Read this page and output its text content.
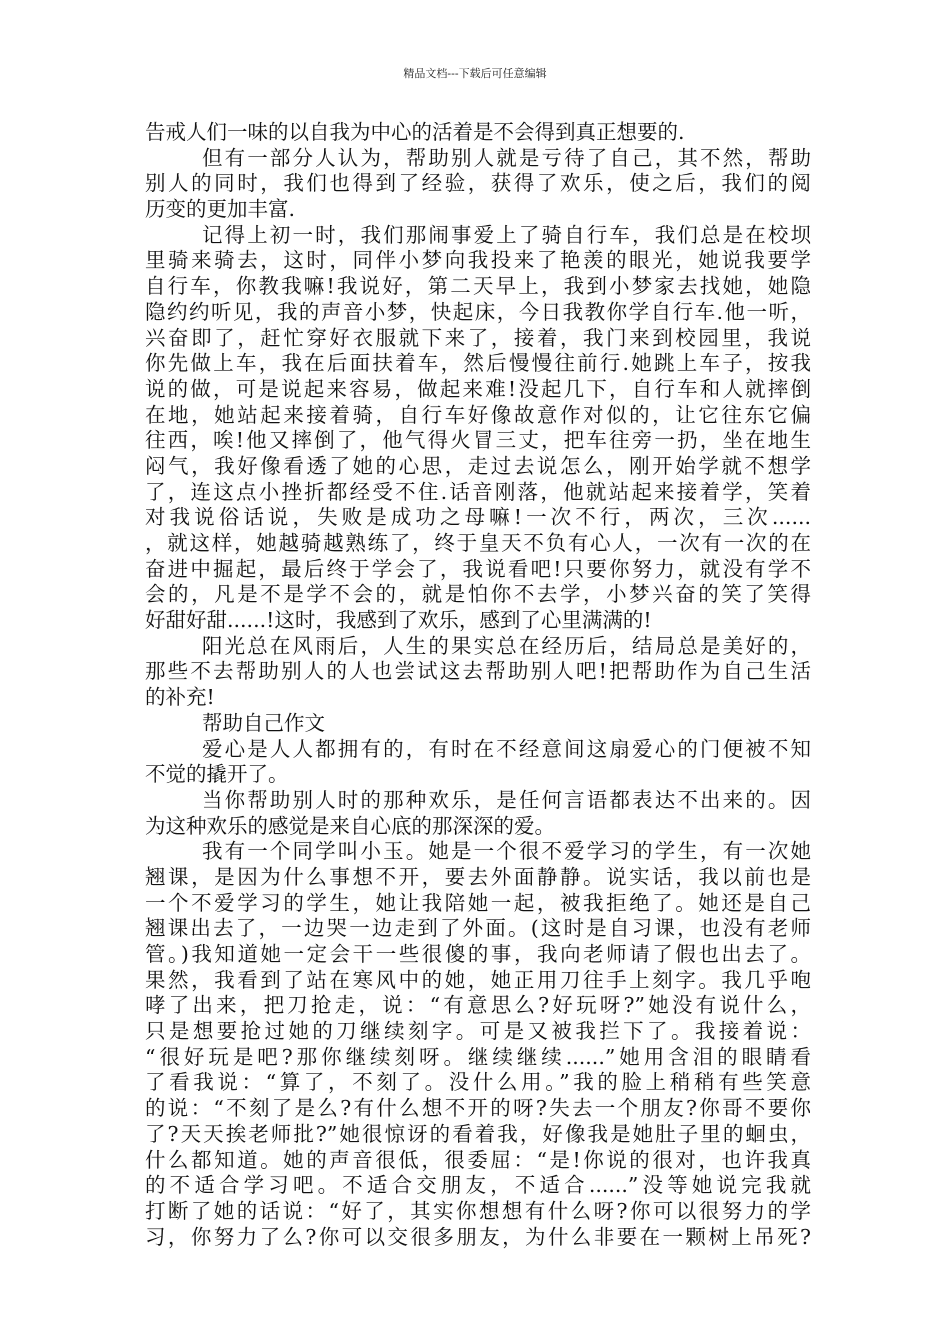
精品文档---下载后可任意编辑
告戒人们一味的以自我为中心的活着是不会得到真正想要的.
但有一部分人认为，帮助别人就是亏待了自己，其不然，帮助
别人的同时，我们也得到了经验，获得了欢乐，使之后，我们的阅
历变的更加丰富.
记得上初一时，我们那闹事爱上了骑自行车，我们总是在校坝
里骑来骑去，这时，同伴小梦向我投来了艳羡的眼光，她说我要学
自行车，你教我嘛!我说好，第二天早上，我到小梦家去找她，她隐
隐约约听见，我的声音小梦，快起床，今日我教你学自行车.他一听，
兴奋即了，赶忙穿好衣服就下来了，接着，我门来到校园里，我说
你先做上车，我在后面扶着车，然后慢慢往前行.她跳上车子，按我
说的做，可是说起来容易，做起来难!没起几下，自行车和人就摔倒
在地，她站起来接着骑，自行车好像故意作对似的，让它往东它偏
往西，唉!他又摔倒了，他气得火冒三丈，把车往旁一扔，坐在地生
闷气，我好像看透了她的心思，走过去说怎么，刚开始学就不想学
了，连这点小挫折都经受不住.话音刚落，他就站起来接着学，笑着
对我说俗话说，失败是成功之母嘛!一次不行，两次，三次......
，就这样，她越骑越熟练了，终于皇天不负有心人，一次有一次的在
奋进中掘起，最后终于学会了，我说看吧!只要你努力，就没有学不
会的，凡是不是学不会的，就是怕你不去学，小梦兴奋的笑了笑得
好甜好甜......!这时，我感到了欢乐，感到了心里满满的!
阳光总在风雨后，人生的果实总在经历后，结局总是美好的，
那些不去帮助别人的人也尝试这去帮助别人吧!把帮助作为自己生活
的补充!
帮助自己作文
爱心是人人都拥有的，有时在不经意间这扇爱心的门便被不知
不觉的撬开了。
当你帮助别人时的那种欢乐，是任何言语都表达不出来的。因
为这种欢乐的感觉是来自心底的那深深的爱。
我有一个同学叫小玉。她是一个很不爱学习的学生，有一次她
翘课，是因为什么事想不开，要去外面静静。说实话，我以前也是
一个不爱学习的学生，她让我陪她一起，被我拒绝了。她还是自己
翘课出去了，一边哭一边走到了外面。(这时是自习课，也没有老师
管。)我知道她一定会干一些很傻的事，我向老师请了假也出去了。
果然，我看到了站在寒风中的她，她正用刀往手上刻字。我几乎咆
哮了出来，把刀抢走，说：“有意思么?好玩呀?”她没有说什么，
只是想要抢过她的刀继续刻字。可是又被我拦下了。我接着说：
“很好玩是吧?那你继续刻呀。继续继续......”她用含泪的眼睛看
了看我说：“算了，不刻了。没什么用。”我的脸上稍稍有些笑意
的说：“不刻了是么?有什么想不开的呀?失去一个朋友?你哥不要你
了?天天挨老师批?”她很惊讶的看着我，好像我是她肚子里的蛔虫，
什么都知道。她的声音很低，很委屈：“是!你说的很对，也许我真
的不适合学习吧。不适合交朋友，不适合......”没等她说完我就
打断了她的话说：“好了，其实你想想有什么呀?你可以很努力的学
习，你努力了么?你可以交很多朋友，为什么非要在一颗树上吊死?
